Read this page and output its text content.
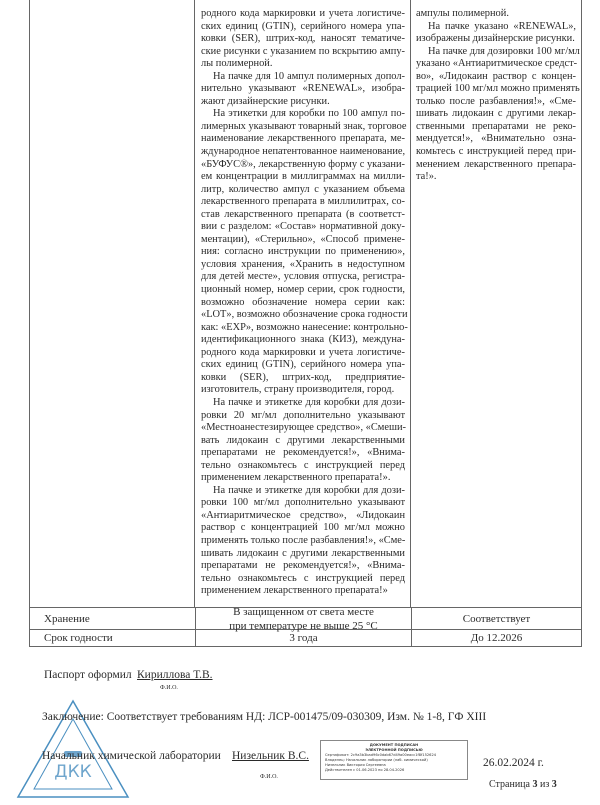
родного кода маркировки и учета логистиче-
ских единиц (GTIN), серийного номера упа-
ковки (SER), штрих-код, наносят тематиче-
ские рисунки с указанием по вскрытию ампу-
лы полимерной.
На пачке для 10 ампул полимерных допол-
нительно указывают «RENEWAL», изобра-
жают дизайнерские рисунки.
На этикетки для коробки по 100 ампул по-
лимерных указывают товарный знак, торговое
наименование лекарственного препарата, ме-
ждународное непатентованное наименование,
«БУФУС®», лекарственную форму с указани-
ем концентрации в миллиграммах на милли-
литр, количество ампул с указанием объема
лекарственного препарата в миллилитрах, со-
став лекарственного препарата (в соответст-
вии с разделом: «Состав» нормативной доку-
ментации), «Стерильно», «Способ примене-
ния: согласно инструкции по применению»,
условия хранения, «Хранить в недоступном
для детей месте», условия отпуска, регистра-
ционный номер, номер серии, срок годности,
возможно обозначение номера серии как:
«LOT», возможно обозначение срока годности
как: «EXP», возможно нанесение: контрольно-
идентификационного знака (КИЗ), междуна-
родного кода маркировки и учета логистиче-
ских единиц (GTIN), серийного номера упа-
ковки (SER), штрих-код, предприятие-
изготовитель, страну производителя, город.
На пачке и этикетке для коробки для дози-
ровки 20 мг/мл дополнительно указывают
«Местноанестезирующее средство», «Смеши-
вать лидокаин с другими лекарственными
препаратами не рекомендуется!», «Внима-
тельно ознакомьтесь с инструкцией перед
применением лекарственного препарата!».
На пачке и этикетке для коробки для дози-
ровки 100 мг/мл дополнительно указывают
«Антиаритмическое средство», «Лидокаин
раствор с концентрацией 100 мг/мл можно
применять только после разбавления!», «Сме-
шивать лидокаин с другими лекарственными
препаратами не рекомендуется!», «Внима-
тельно ознакомьтесь с инструкцией перед
применением лекарственного препарата!»
ампулы полимерной.
На пачке указано «RENEWAL»,
изображены дизайнерские рисунки.
На пачке для дозировки 100 мг/мл
указано «Антиаритмическое средст-
во», «Лидокаин раствор с концен-
трацией 100 мг/мл можно применять
только после разбавления!», «Сме-
шивать лидокаин с другими лекар-
ственными препаратами не реко-
мендуется!», «Внимательно озна-
комьтесь с инструкцией перед при-
менением лекарственного препара-
та!».
Хранение
В защищенном от света месте
при температуре не выше 25 °С
Соответствует
Срок годности	3 года	До 12.2026
ДКК
Паспорт оформил Кириллова Т.В.
Ф.И.О.
Заключение: Соответствует требованиям НД: ЛСР-001475/09-030309, Изм. № 1-8, ГФ XIII
Начальник химической лаборатории Низельник В.С.
Ф.И.О.
ДОКУМЕНТ ПОДПИСАН
ЭЛЕКТРОННОЙ ПОДПИСЬЮ
Сертификат: 2c9a3b3bad96c0dab67d49a00eacc1f8f152624
Владелец: Начальник лаборатории (лаб. химической)
Низельник Виктория Сергеевна
Действителен с 01.06.2023 по 28.04.2026
26.02.2024 г.
Страница 3 из 3
